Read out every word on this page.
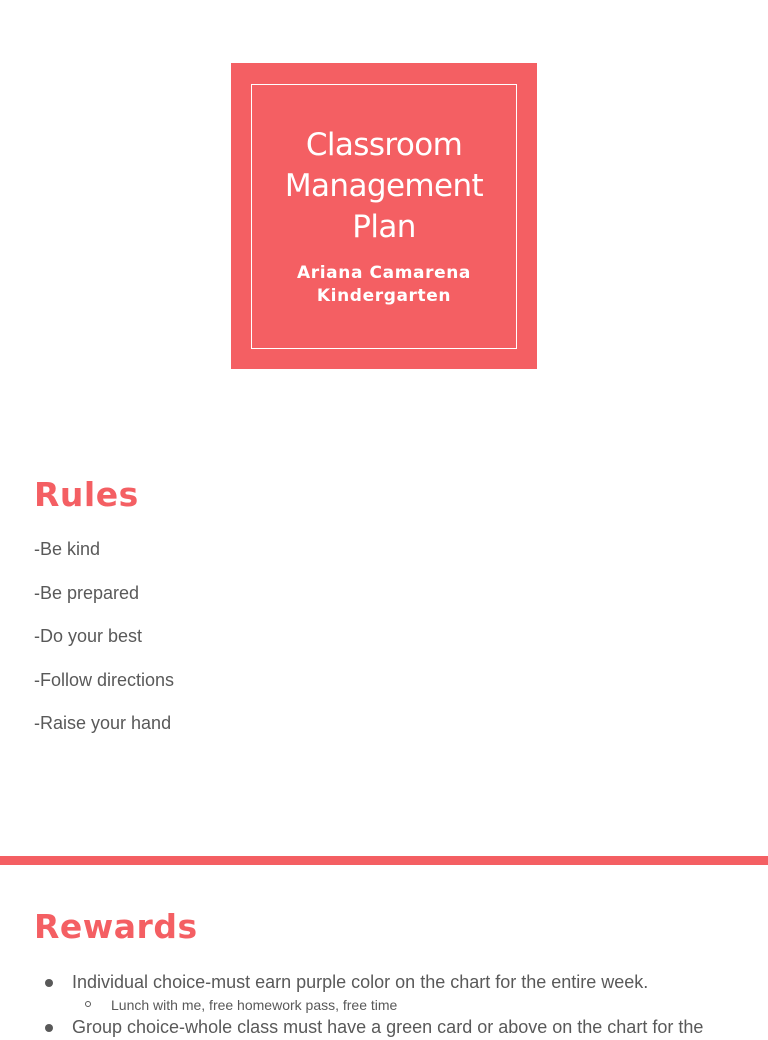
Classroom
Management
Plan
Ariana Camarena
Kindergarten
Rules
-Be kind
-Be prepared
-Do your best
-Follow directions
-Raise your hand
Rewards
Individual choice-must earn purple color on the chart for the entire week.
Lunch with me, free homework pass, free time
Group choice-whole class must have a green card or above on the chart for the
